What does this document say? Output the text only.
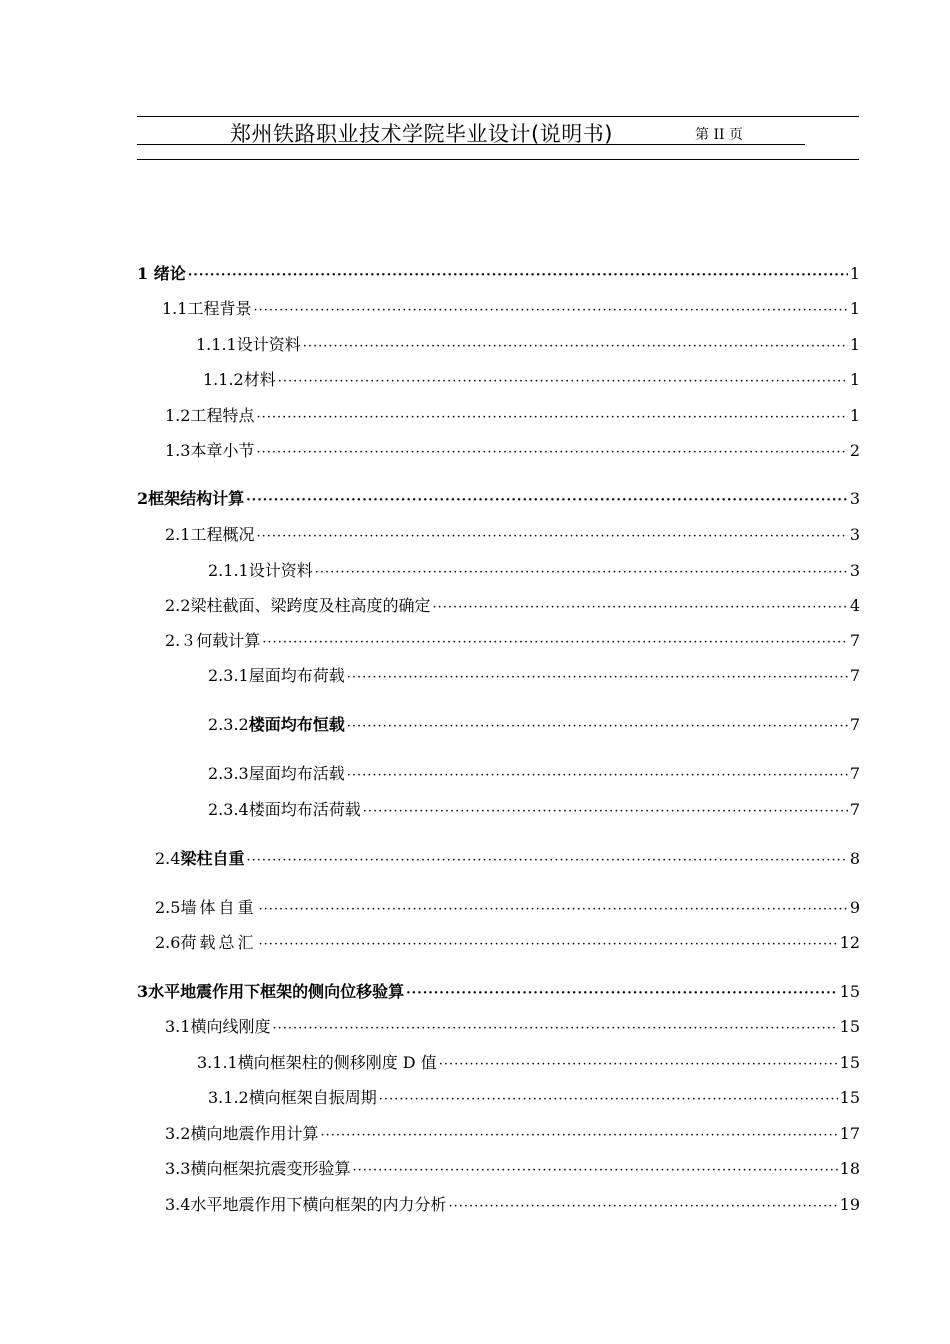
郑州铁路职业技术学院毕业设计(说明书)	第 II 页
1 绪论 ·····	1
1.1 工程背景 ·····	1
1.1.1 设计资料 ·····	1
1.1.2 材料 ·····	1
1.2 工程特点 ·····	1
1.3 本章小节 ·····	2
2 框架结构计算 ·····	3
2.1 工程概况 ·····	3
2.1.1 设计资料 ·····	3
2.2 梁柱截面、梁跨度及柱高度的确定 ·····	4
2.３ 何载计算 ·····	7
2.3.1 屋面均布荷载 ·····	7
2.3.2 楼面均布恒载 ·····	7
2.3.3 屋面均布活载 ·····	7
2.3.4 楼面均布活荷载 ·····	7
2.4 梁柱自重 ·····	8
2.5 墙体自重 ·····	9
2.6 荷载总汇 ·····	12
3 水平地震作用下框架的侧向位移验算 ·····	15
3.1 横向线刚度 ·····	15
3.1.1 横向框架柱的侧移刚度 D 值 ·····	15
3.1.2 横向框架自振周期 ·····	15
3.2 横向地震作用计算 ·····	17
3.3 横向框架抗震变形验算 ·····	18
3.4 水平地震作用下横向框架的内力分析 ·····	19
